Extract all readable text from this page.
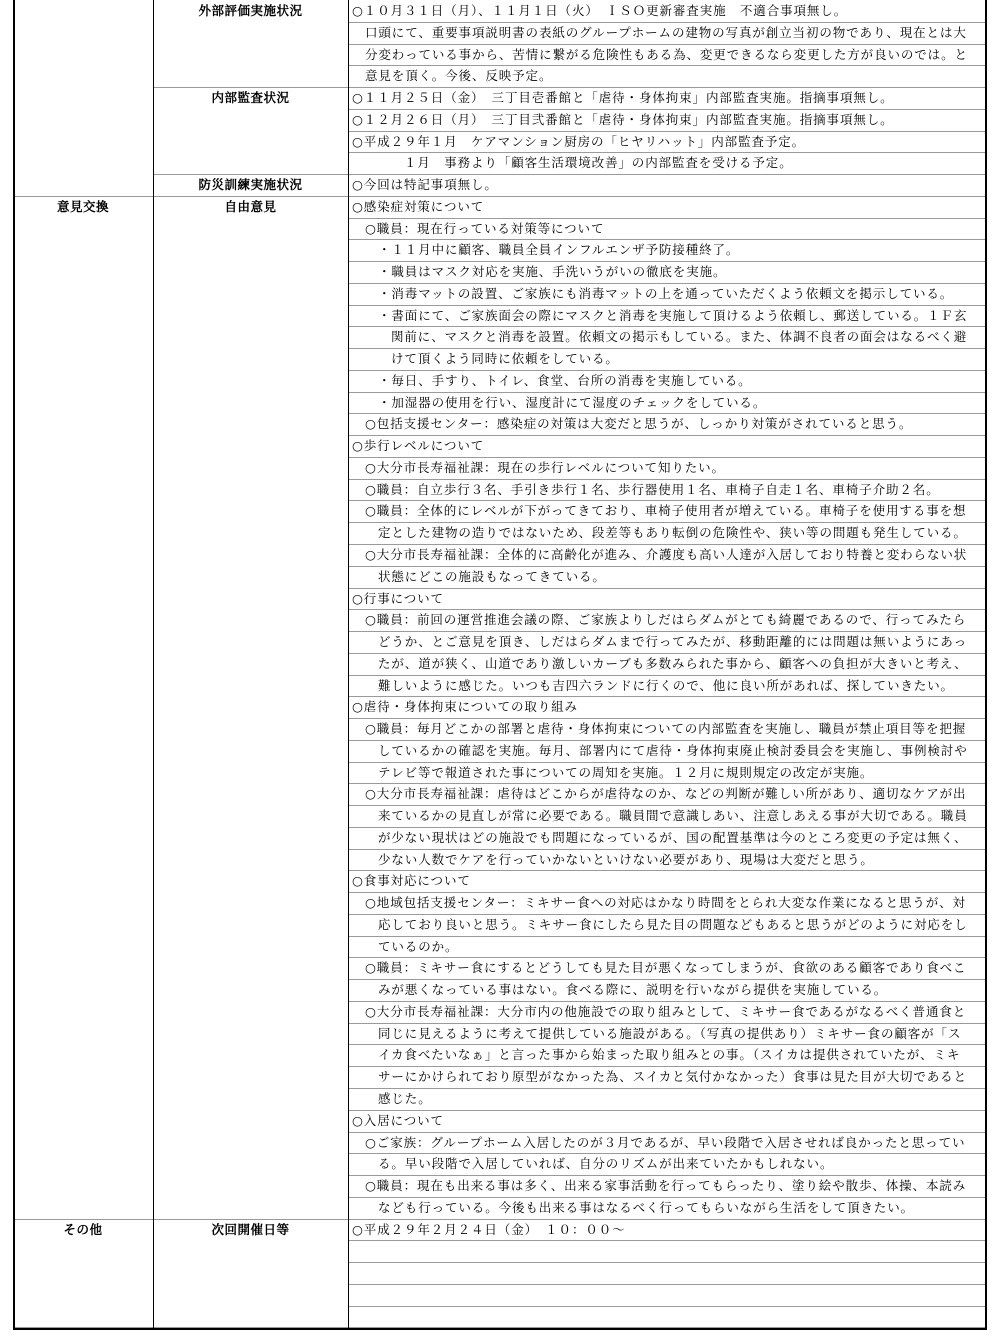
○１０月３１日（月）、１１月１日（火）　ＩＳＯ更新審査実施　不適合事項無し。
口頭にて、重要事項説明書の表紙のグループホームの建物の写真が創立当初の物であり、現在とは大
分変わっている事から、苦情に繋がる危険性もある為、変更できるなら変更した方が良いのでは。と
意見を頂く。今後、反映予定。
外部評価実施状況
○１１月２５日（金）　三丁目壱番館と「虐待・身体拘束」内部監査実施。指摘事項無し。
○１２月２６日（月）　三丁目弐番館と「虐待・身体拘束」内部監査実施。指摘事項無し。
○平成２９年１月　ケアマンション厨房の「ヒヤリハット」内部監査予定。
１月　事務より「顧客生活環境改善」の内部監査を受ける予定。
内部監査状況
○今回は特記事項無し。
防災訓練実施状況
○感染症対策について
○職員：現在行っている対策等について
・１１月中に顧客、職員全員インフルエンザ予防接種終了。
・職員はマスク対応を実施、手洗いうがいの徹底を実施。
・消毒マットの設置、ご家族にも消毒マットの上を通っていただくよう依頼文を掲示している。
・書面にて、ご家族面会の際にマスクと消毒を実施して頂けるよう依頼し、郵送している。１Ｆ玄
関前に、マスクと消毒を設置。依頼文の掲示もしている。また、体調不良者の面会はなるべく避
けて頂くよう同時に依頼をしている。
・毎日、手すり、トイレ、食堂、台所の消毒を実施している。
・加湿器の使用を行い、湿度計にて湿度のチェックをしている。
○包括支援センター：感染症の対策は大変だと思うが、しっかり対策がされていると思う。
○歩行レベルについて
○大分市長寿福祉課：現在の歩行レベルについて知りたい。
○職員：自立歩行３名、手引き歩行１名、歩行器使用１名、車椅子自走１名、車椅子介助２名。
○職員：全体的にレベルが下がってきており、車椅子使用者が増えている。車椅子を使用する事を想
定とした建物の造りではないため、段差等もあり転倒の危険性や、狭い等の問題も発生している。
○大分市長寿福祉課：全体的に高齢化が進み、介護度も高い人達が入居しており特養と変わらない状
状態にどこの施設もなってきている。
○行事について
○職員：前回の運営推進会議の際、ご家族よりしだはらダムがとても綺麗であるので、行ってみたら
どうか、とご意見を頂き、しだはらダムまで行ってみたが、移動距離的には問題は無いようにあっ
たが、道が狭く、山道であり激しいカーブも多数みられた事から、顧客への負担が大きいと考え、
難しいように感じた。いつも吉四六ランドに行くので、他に良い所があれば、探していきたい。
○虐待・身体拘束についての取り組み
○職員：毎月どこかの部署と虐待・身体拘束についての内部監査を実施し、職員が禁止項目等を把握
しているかの確認を実施。毎月、部署内にて虐待・身体拘束廃止検討委員会を実施し、事例検討や
テレビ等で報道された事についての周知を実施。１２月に規則規定の改定が実施。
○大分市長寿福祉課：虐待はどこからが虐待なのか、などの判断が難しい所があり、適切なケアが出
来ているかの見直しが常に必要である。職員間で意識しあい、注意しあえる事が大切である。職員
が少ない現状はどの施設でも問題になっているが、国の配置基準は今のところ変更の予定は無く、
少ない人数でケアを行っていかないといけない必要があり、現場は大変だと思う。
○食事対応について
○地域包括支援センター：ミキサー食への対応はかなり時間をとられ大変な作業になると思うが、対
応しており良いと思う。ミキサー食にしたら見た目の問題などもあると思うがどのように対応をし
ているのか。
○職員：ミキサー食にするとどうしても見た目が悪くなってしまうが、食欲のある顧客であり食べこ
みが悪くなっている事はない。食べる際に、説明を行いながら提供を実施している。
○大分市長寿福祉課：大分市内の他施設での取り組みとして、ミキサー食であるがなるべく普通食と
同じに見えるように考えて提供している施設がある。（写真の提供あり）ミキサー食の顧客が「ス
イカ食べたいなぁ」と言った事から始まった取り組みとの事。（スイカは提供されていたが、ミキ
サーにかけられており原型がなかった為、スイカと気付かなかった）食事は見た目が大切であると
感じた。
○入居について
○ご家族：グループホーム入居したのが３月であるが、早い段階で入居させれば良かったと思ってい
る。早い段階で入居していれば、自分のリズムが出来ていたかもしれない。
○職員：現在も出来る事は多く、出来る家事活動を行ってもらったり、塗り絵や散歩、体操、本読み
なども行っている。今後も出来る事はなるべく行ってもらいながら生活をして頂きたい。
自由意見
意見交換
○平成２９年２月２４日（金）　１０：００～
次回開催日等
その他
